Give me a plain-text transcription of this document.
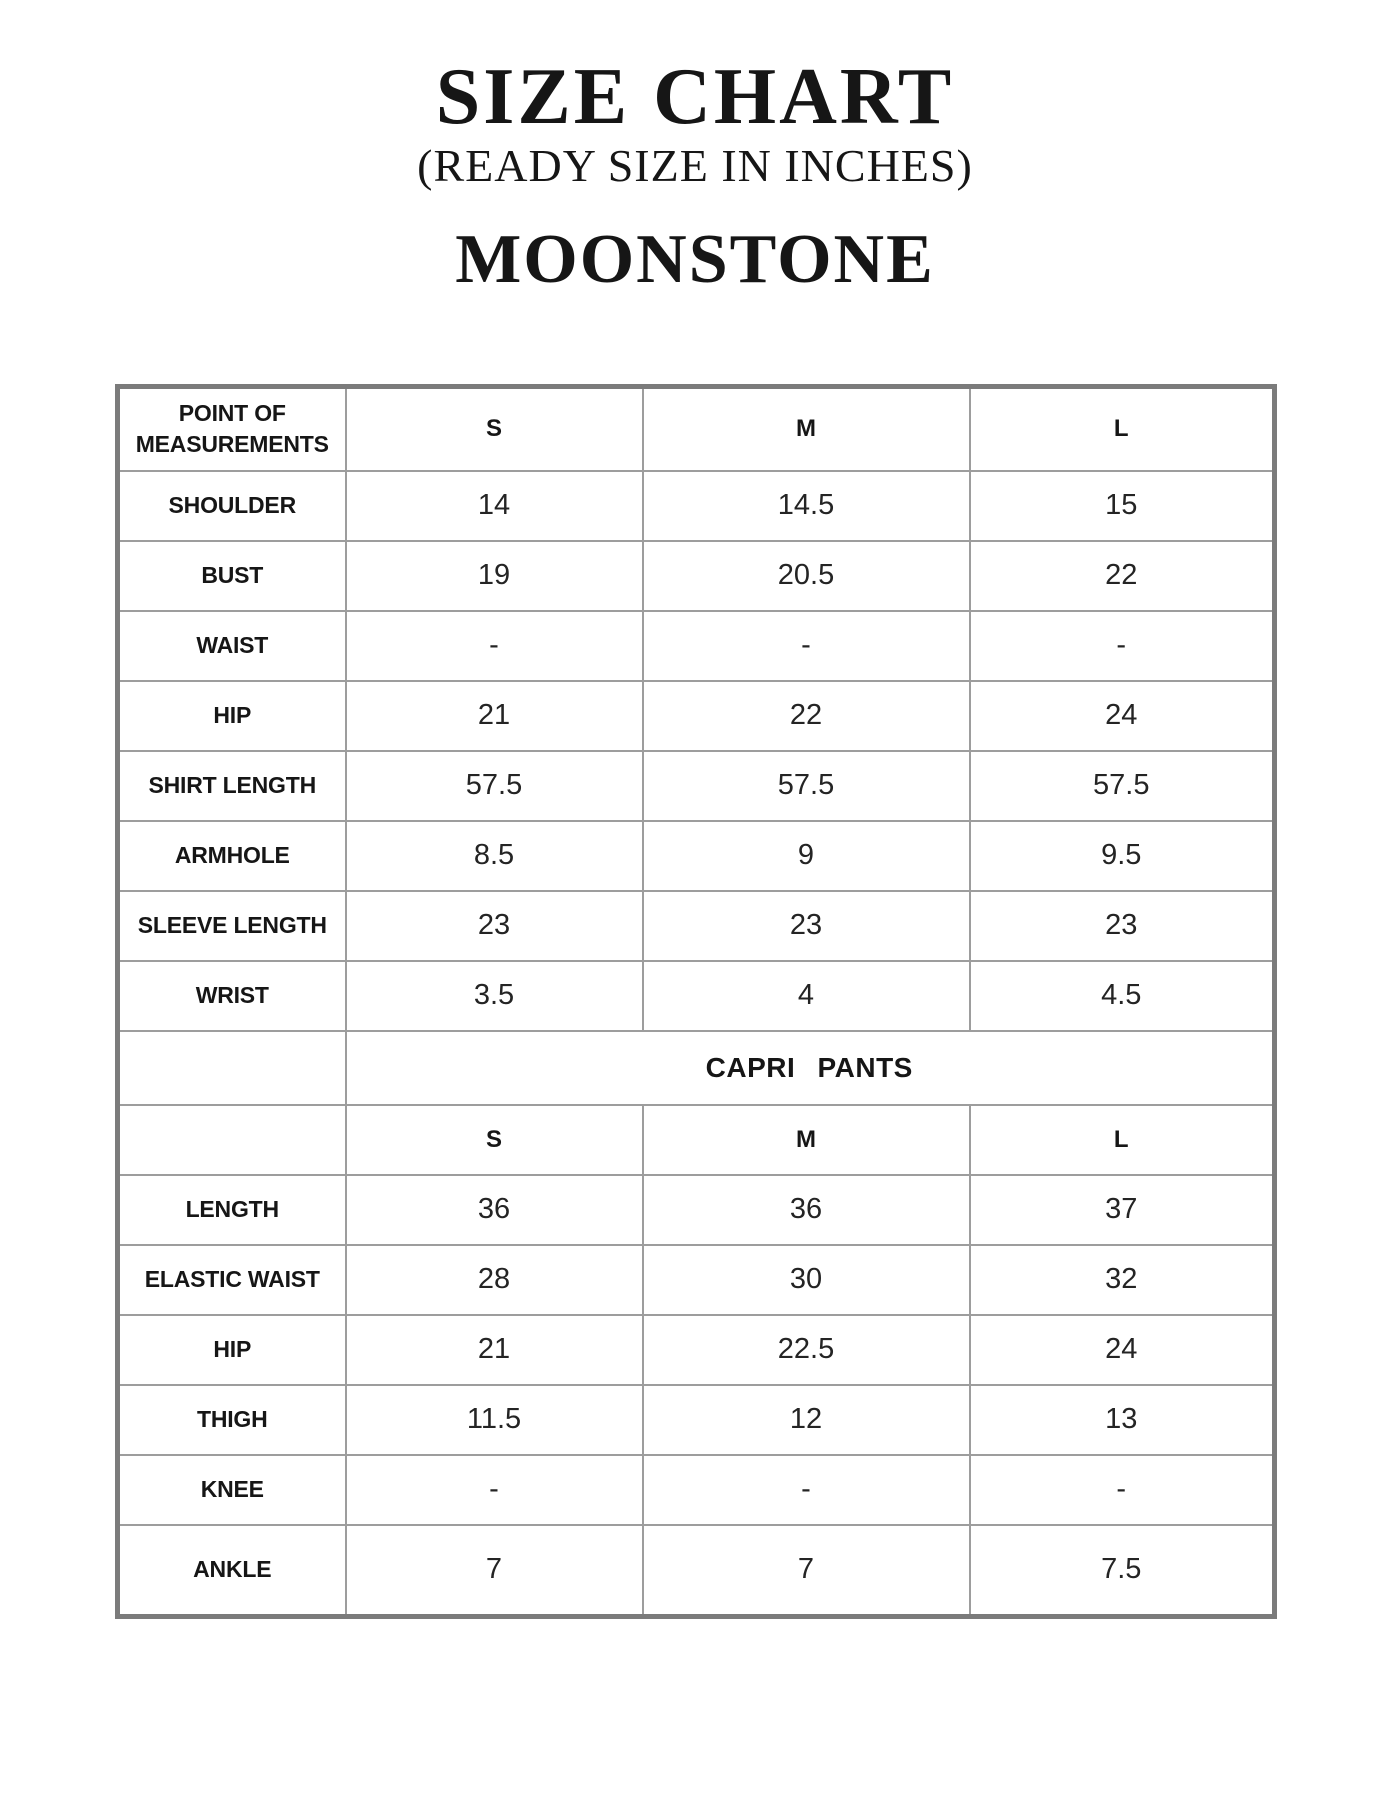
SIZE CHART
(READY SIZE IN INCHES)
MOONSTONE
POINT OF MEASUREMENTS	S	M	L
SHOULDER	14	14.5	15
BUST	19	20.5	22
WAIST	-	-	-
HIP	21	22	24
SHIRT LENGTH	57.5	57.5	57.5
ARMHOLE	8.5	9	9.5
SLEEVE LENGTH	23	23	23
WRIST	3.5	4	4.5
	CAPRI PANTS		
	S	M	L
LENGTH	36	36	37
ELASTIC WAIST	28	30	32
HIP	21	22.5	24
THIGH	11.5	12	13
KNEE	-	-	-
ANKLE	7	7	7.5
